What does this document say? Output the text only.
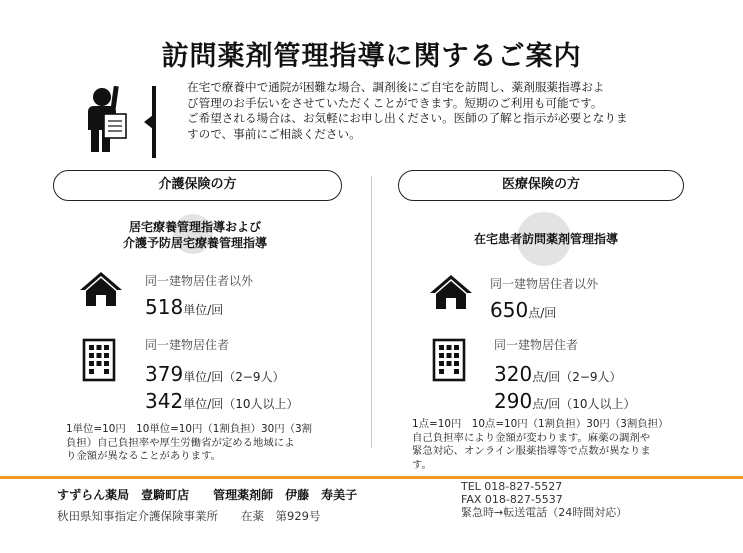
訪問薬剤管理指導に関するご案内

在宅で療養中で通院が困難な場合、調剤後にご自宅を訪問し、薬剤服薬指導およ

び管理のお手伝いをさせていただくことができます。短期のご利用も可能です。

ご希望される場合は、お気軽にお申し出ください。医師の了解と指示が必要となりま

すので、事前にご相談ください。

介護保険の方	医療保険の方
居宅療養管理指導および
介護予防居宅療養管理指導
同一建物居住者以外
518単位/回
同一建物居住者
379単位/回（2−9人）
342単位/回（10人以上）
1単位=10円　10単位=10円（1割負担）30円（3割
負担）自己負担率や厚生労働省が定める地域によ
り金額が異なることがあります。
在宅患者訪問薬剤管理指導
同一建物居住者以外
650点/回
同一建物居住者
320点/回（2−9人）
290点/回（10人以上）
1点=10円　10点=10円（1割負担）30円（3割負担）
自己負担率により金額が変わります。麻薬の調剤や
緊急対応、オンライン服薬指導等で点数が異なりま
す。
すずらん薬局　壹騎町店　　管理薬剤師　伊藤　寿美子
秋田県知事指定介護保険事業所　　在薬　第929号
TEL 018-827-5527
FAX 018-827-5537
緊急時→転送電話（24時間対応）
